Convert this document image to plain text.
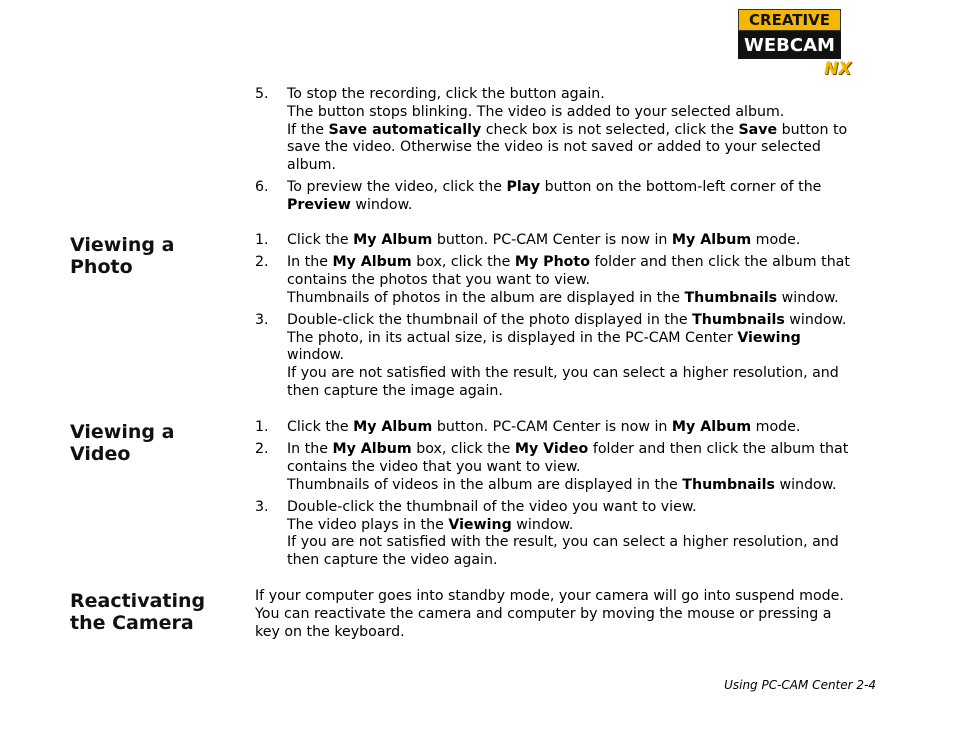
CREATIVE
WEBCAM
NX
5. To stop the recording, click the button again.
The button stops blinking. The video is added to your selected album.
If the Save automatically check box is not selected, click the Save button to
save the video. Otherwise the video is not saved or added to your selected
album.
6. To preview the video, click the Play button on the bottom-left corner of the
Preview window.
Viewing a
Photo
1. Click the My Album button. PC-CAM Center is now in My Album mode.
2. In the My Album box, click the My Photo folder and then click the album that
contains the photos that you want to view.
Thumbnails of photos in the album are displayed in the Thumbnails window.
3. Double-click the thumbnail of the photo displayed in the Thumbnails window.
The photo, in its actual size, is displayed in the PC-CAM Center Viewing
window.
If you are not satisfied with the result, you can select a higher resolution, and
then capture the image again.
Viewing a
Video
1. Click the My Album button. PC-CAM Center is now in My Album mode.
2. In the My Album box, click the My Video folder and then click the album that
contains the video that you want to view.
Thumbnails of videos in the album are displayed in the Thumbnails window.
3. Double-click the thumbnail of the video you want to view.
The video plays in the Viewing window.
If you are not satisfied with the result, you can select a higher resolution, and
then capture the video again.
Reactivating
the Camera
If your computer goes into standby mode, your camera will go into suspend mode.
You can reactivate the camera and computer by moving the mouse or pressing a
key on the keyboard.
Using PC-CAM Center 2-4
